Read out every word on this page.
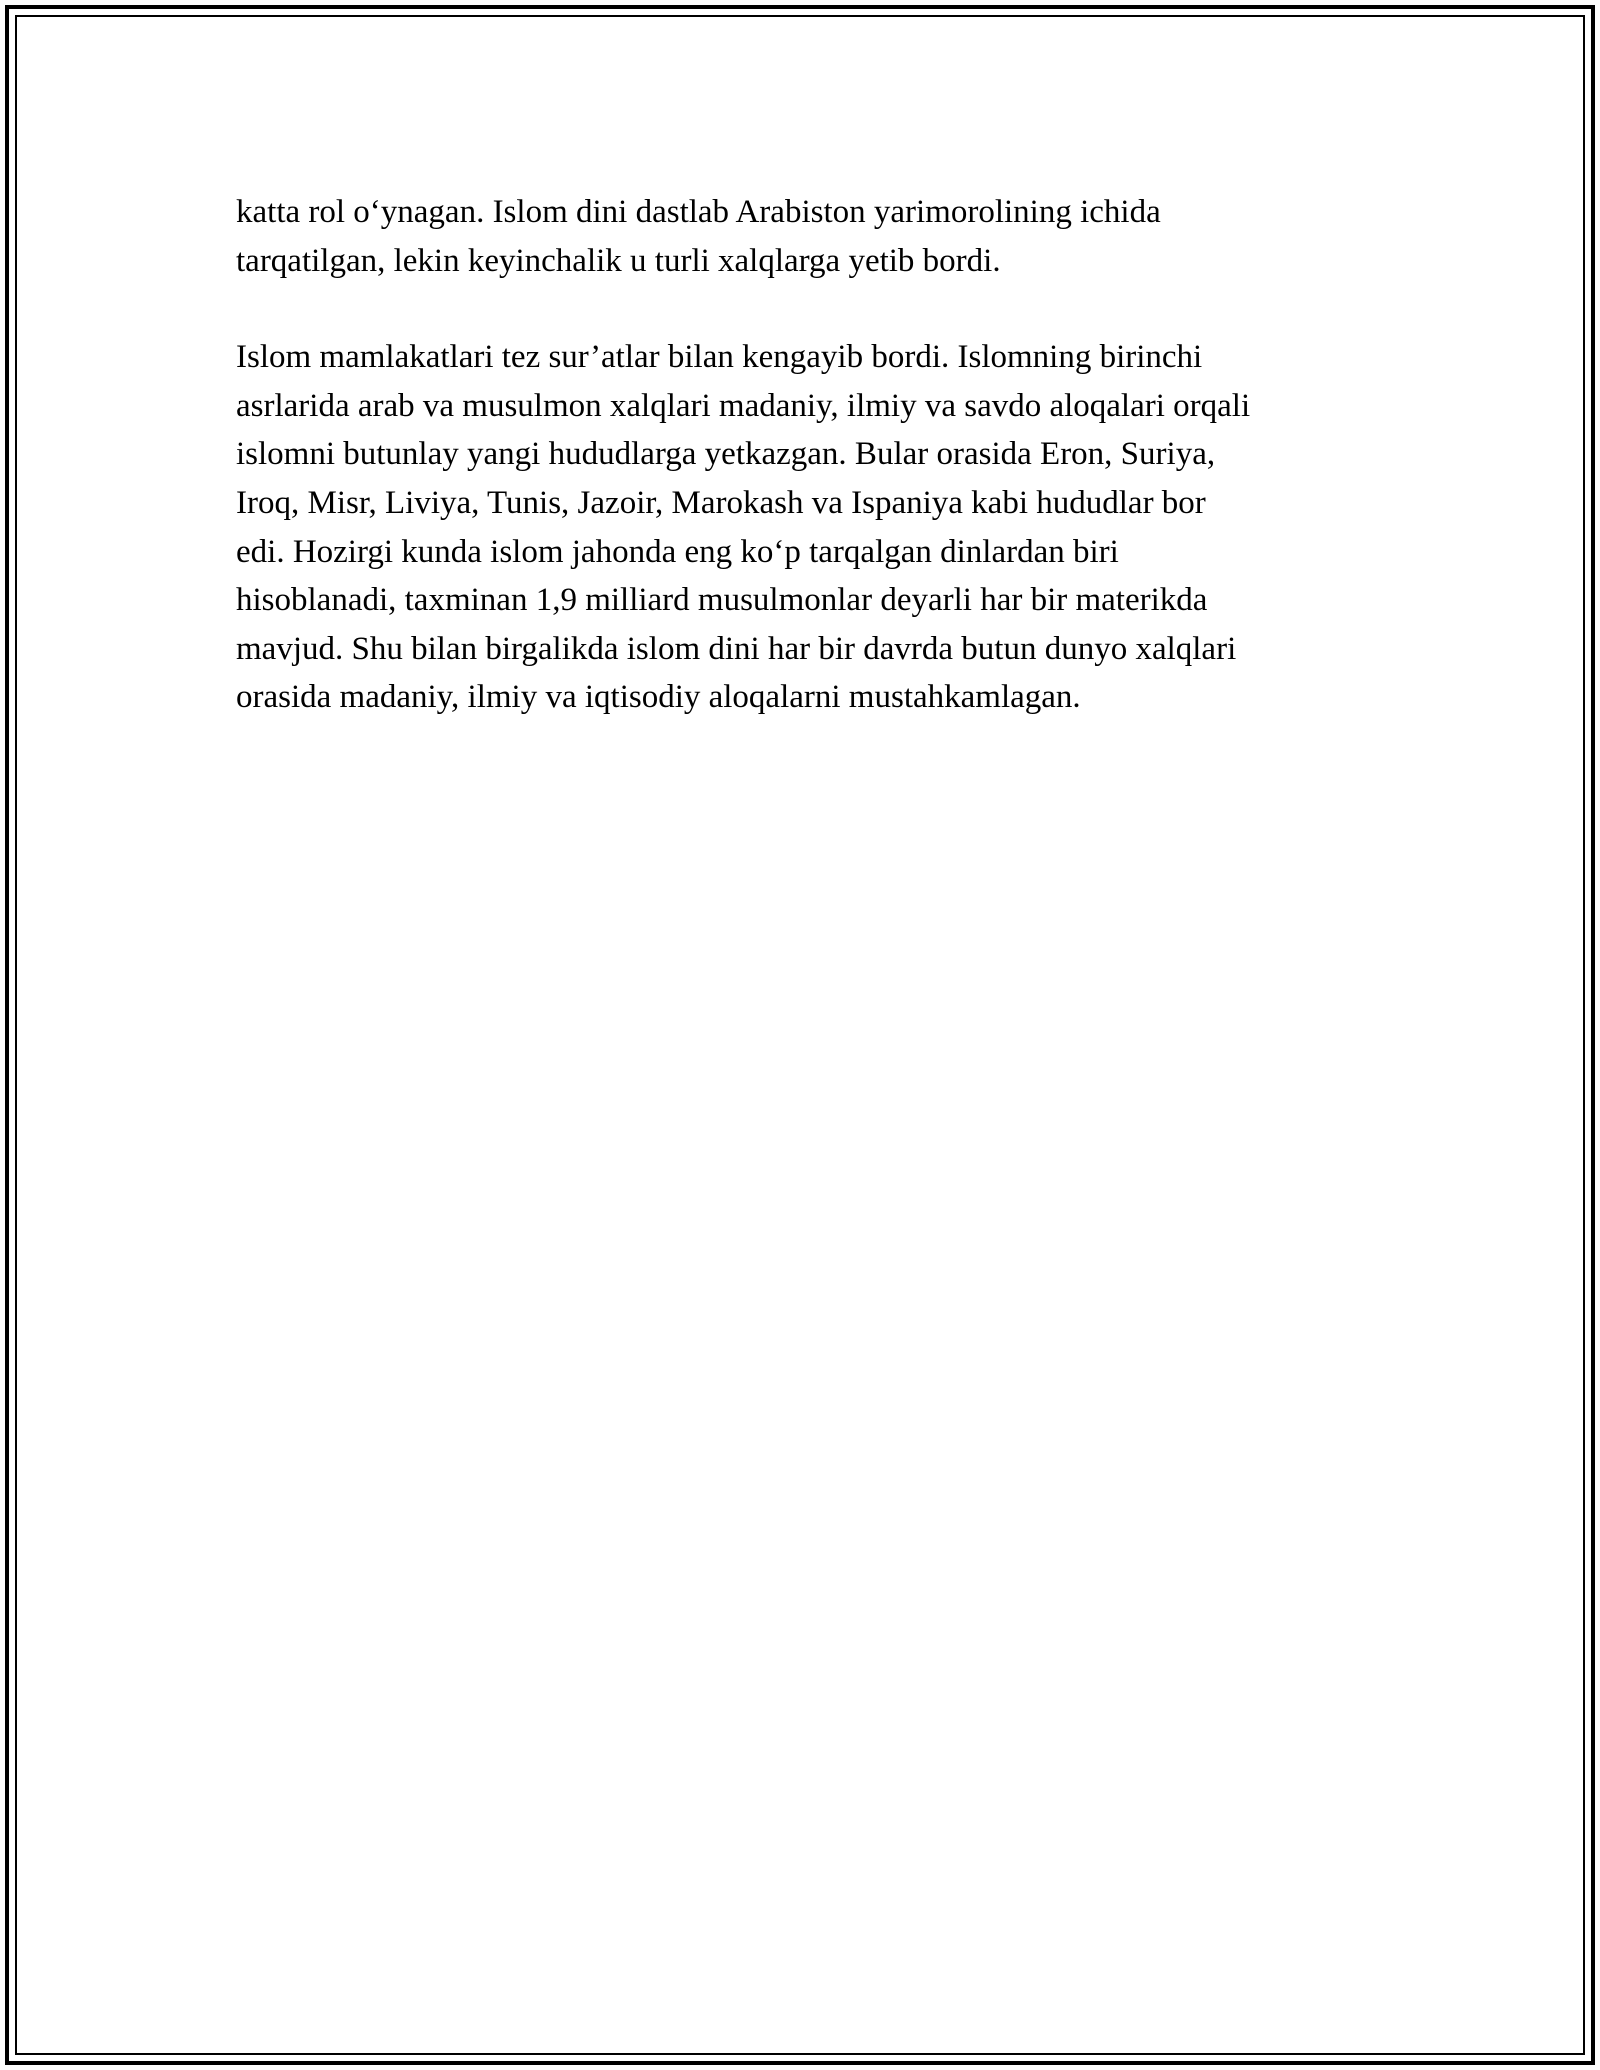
katta rol o‘ynagan. Islom dini dastlab Arabiston yarimorolining ichida
tarqatilgan, lekin keyinchalik u turli xalqlarga yetib bordi.

Islom mamlakatlari tez sur’atlar bilan kengayib bordi. Islomning birinchi
asrlarida arab va musulmon xalqlari madaniy, ilmiy va savdo aloqalari orqali
islomni butunlay yangi hududlarga yetkazgan. Bular orasida Eron, Suriya,
Iroq, Misr, Liviya, Tunis, Jazoir, Marokash va Ispaniya kabi hududlar bor
edi. Hozirgi kunda islom jahonda eng ko‘p tarqalgan dinlardan biri
hisoblanadi, taxminan 1,9 milliard musulmonlar deyarli har bir materikda
mavjud. Shu bilan birgalikda islom dini har bir davrda butun dunyo xalqlari
orasida madaniy, ilmiy va iqtisodiy aloqalarni mustahkamlagan.
